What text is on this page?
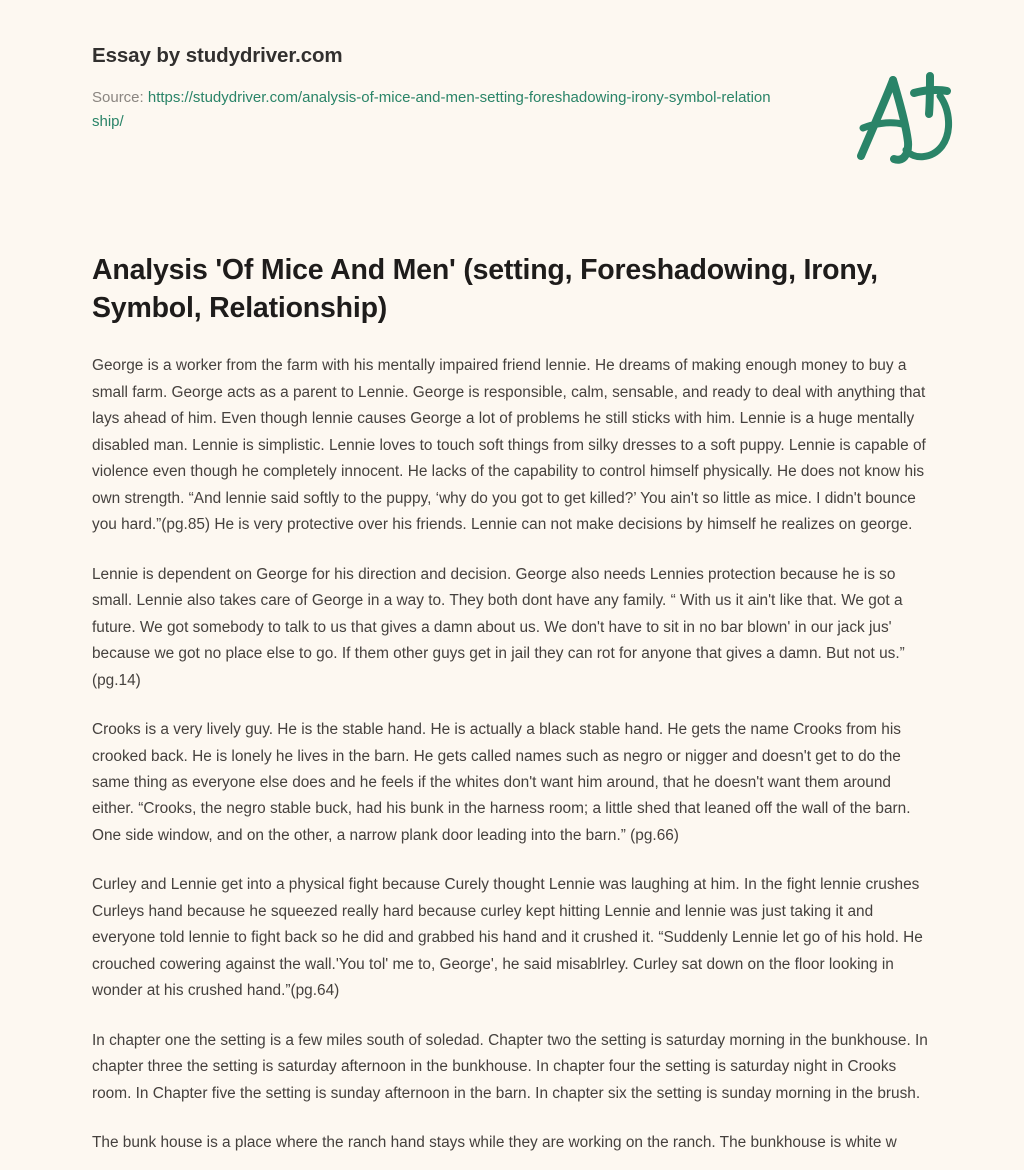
Essay by studydriver.com
Source: https://studydriver.com/analysis-of-mice-and-men-setting-foreshadowing-irony-symbol-relationship/
Analysis 'Of Mice And Men' (setting, Foreshadowing, Irony, Symbol, Relationship)

George is a worker from the farm with his mentally impaired friend lennie. He dreams of making enough money to buy a small farm. George acts as a parent to Lennie. George is responsible, calm, sensable, and ready to deal with anything that lays ahead of him. Even though lennie causes George a lot of problems he still sticks with him. Lennie is a huge mentally disabled man. Lennie is simplistic. Lennie loves to touch soft things from silky dresses to a soft puppy. Lennie is capable of violence even though he completely innocent. He lacks of the capability to control himself physically. He does not know his own strength. “And lennie said softly to the puppy, ‘why do you got to get killed?’ You ain't so little as mice. I didn't bounce you hard.”(pg.85) He is very protective over his friends. Lennie can not make decisions by himself he realizes on george.

Lennie is dependent on George for his direction and decision. George also needs Lennies protection because he is so small. Lennie also takes care of George in a way to. They both dont have any family. “ With us it ain't like that. We got a future. We got somebody to talk to us that gives a damn about us. We don't have to sit in no bar blown' in our jack jus' because we got no place else to go. If them other guys get in jail they can rot for anyone that gives a damn. But not us.” (pg.14)

Crooks is a very lively guy. He is the stable hand. He is actually a black stable hand. He gets the name Crooks from his crooked back. He is lonely he lives in the barn. He gets called names such as negro or nigger and doesn't get to do the same thing as everyone else does and he feels if the whites don't want him around, that he doesn't want them around either. “Crooks, the negro stable buck, had his bunk in the harness room; a little shed that leaned off the wall of the barn. One side window, and on the other, a narrow plank door leading into the barn.” (pg.66)

Curley and Lennie get into a physical fight because Curely thought Lennie was laughing at him. In the fight lennie crushes Curleys hand because he squeezed really hard because curley kept hitting Lennie and lennie was just taking it and everyone told lennie to fight back so he did and grabbed his hand and it crushed it. “Suddenly Lennie let go of his hold. He crouched cowering against the wall.'You tol' me to, George', he said misablrley. Curley sat down on the floor looking in wonder at his crushed hand.”(pg.64)

In chapter one the setting is a few miles south of soledad. Chapter two the setting is saturday morning in the bunkhouse. In chapter three the setting is saturday afternoon in the bunkhouse. In chapter four the setting is saturday night in Crooks room. In Chapter five the setting is sunday afternoon in the barn. In chapter six the setting is sunday morning in the brush.

The bunk house is a place where the ranch hand stays while they are working on the ranch. The bunkhouse is white w
